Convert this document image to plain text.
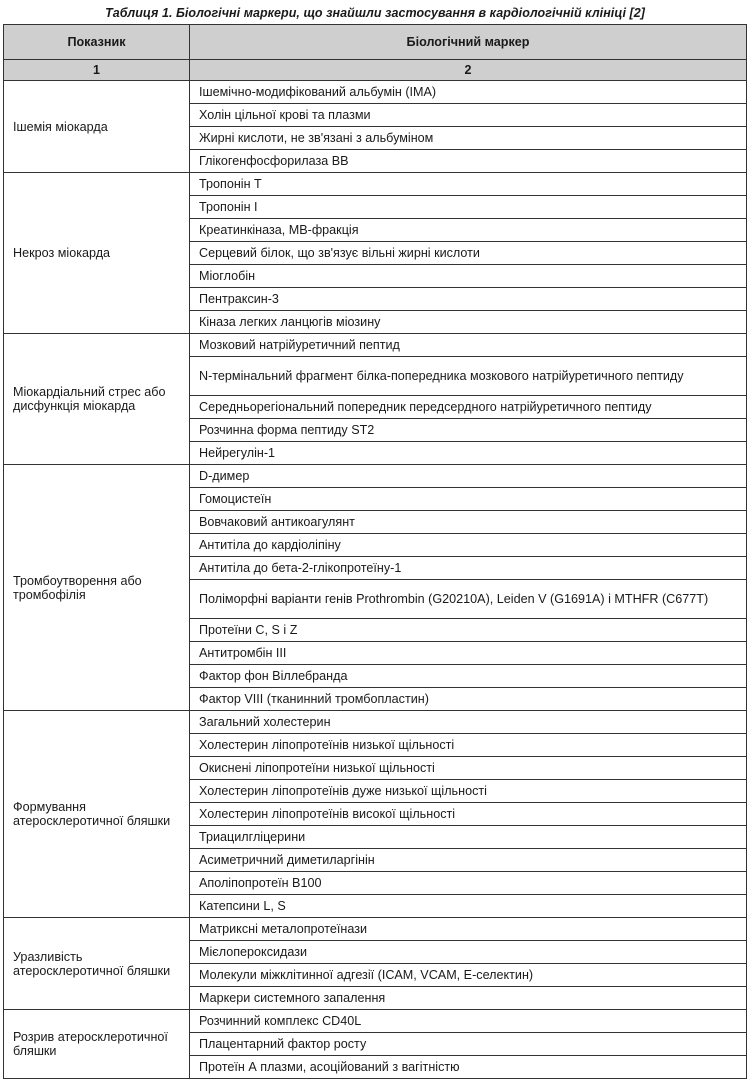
Таблиця 1. Біологічні маркери, що знайшли застосування в кардіологічній клініці [2]
Показник	Біологічний маркер
1	2
Ішемія міокарда	Ішемічно-модифікований альбумін (IMA)
	Холін цільної крові та плазми
	Жирні кислоти, не зв'язані з альбуміном
	Глікогенфосфорилаза ВВ
Некроз міокарда	Тропонін Т
	Тропонін І
	Креатинкіназа, МВ-фракція
	Серцевий білок, що зв'язує вільні жирні кислоти
	Міоглобін
	Пентраксин-3
	Кіназа легких ланцюгів міозину
Міокардіальний стрес або дисфункція міокарда	Мозковий натрійуретичний пептид
	N-термінальний фрагмент білка-попередника мозкового натрійуретичного пептиду
	Середньорегіональний попередник передсердного натрійуретичного пептиду
	Розчинна форма пептиду ST2
	Нейрегулін-1
Тромбоутворення або тромбофілія	D-димер
	Гомоцистеїн
	Вовчаковий антикоагулянт
	Антитіла до кардіоліпіну
	Антитіла до бета-2-глікопротеїну-1
	Поліморфні варіанти генів Prothrombin (G20210A), Leiden V (G1691A) і MTHFR (C677T)
	Протеїни C, S і Z
	Антитромбін III
	Фактор фон Віллебранда
	Фактор VIII (тканинний тромбопластин)
Формування атеросклеротичної бляшки	Загальний холестерин
	Холестерин ліпопротеїнів низької щільності
	Окиснені ліпопротеїни низької щільності
	Холестерин ліпопротеїнів дуже низької щільності
	Холестерин ліпопротеїнів високої щільності
	Триацилгліцерини
	Асиметричний диметиларгінін
	Аполіпопротеїн В100
	Катепсини L, S
Уразливість атеросклеротичної бляшки	Матриксні металопротеїнази
	Мієлопероксидази
	Молекули міжклітинної адгезії (ICAM, VCAM, Е-селектин)
	Маркери системного запалення
Розрив атеросклеротичної бляшки	Розчинний комплекс CD40L
	Плацентарний фактор росту
	Протеїн А плазми, асоційований з вагітністю
